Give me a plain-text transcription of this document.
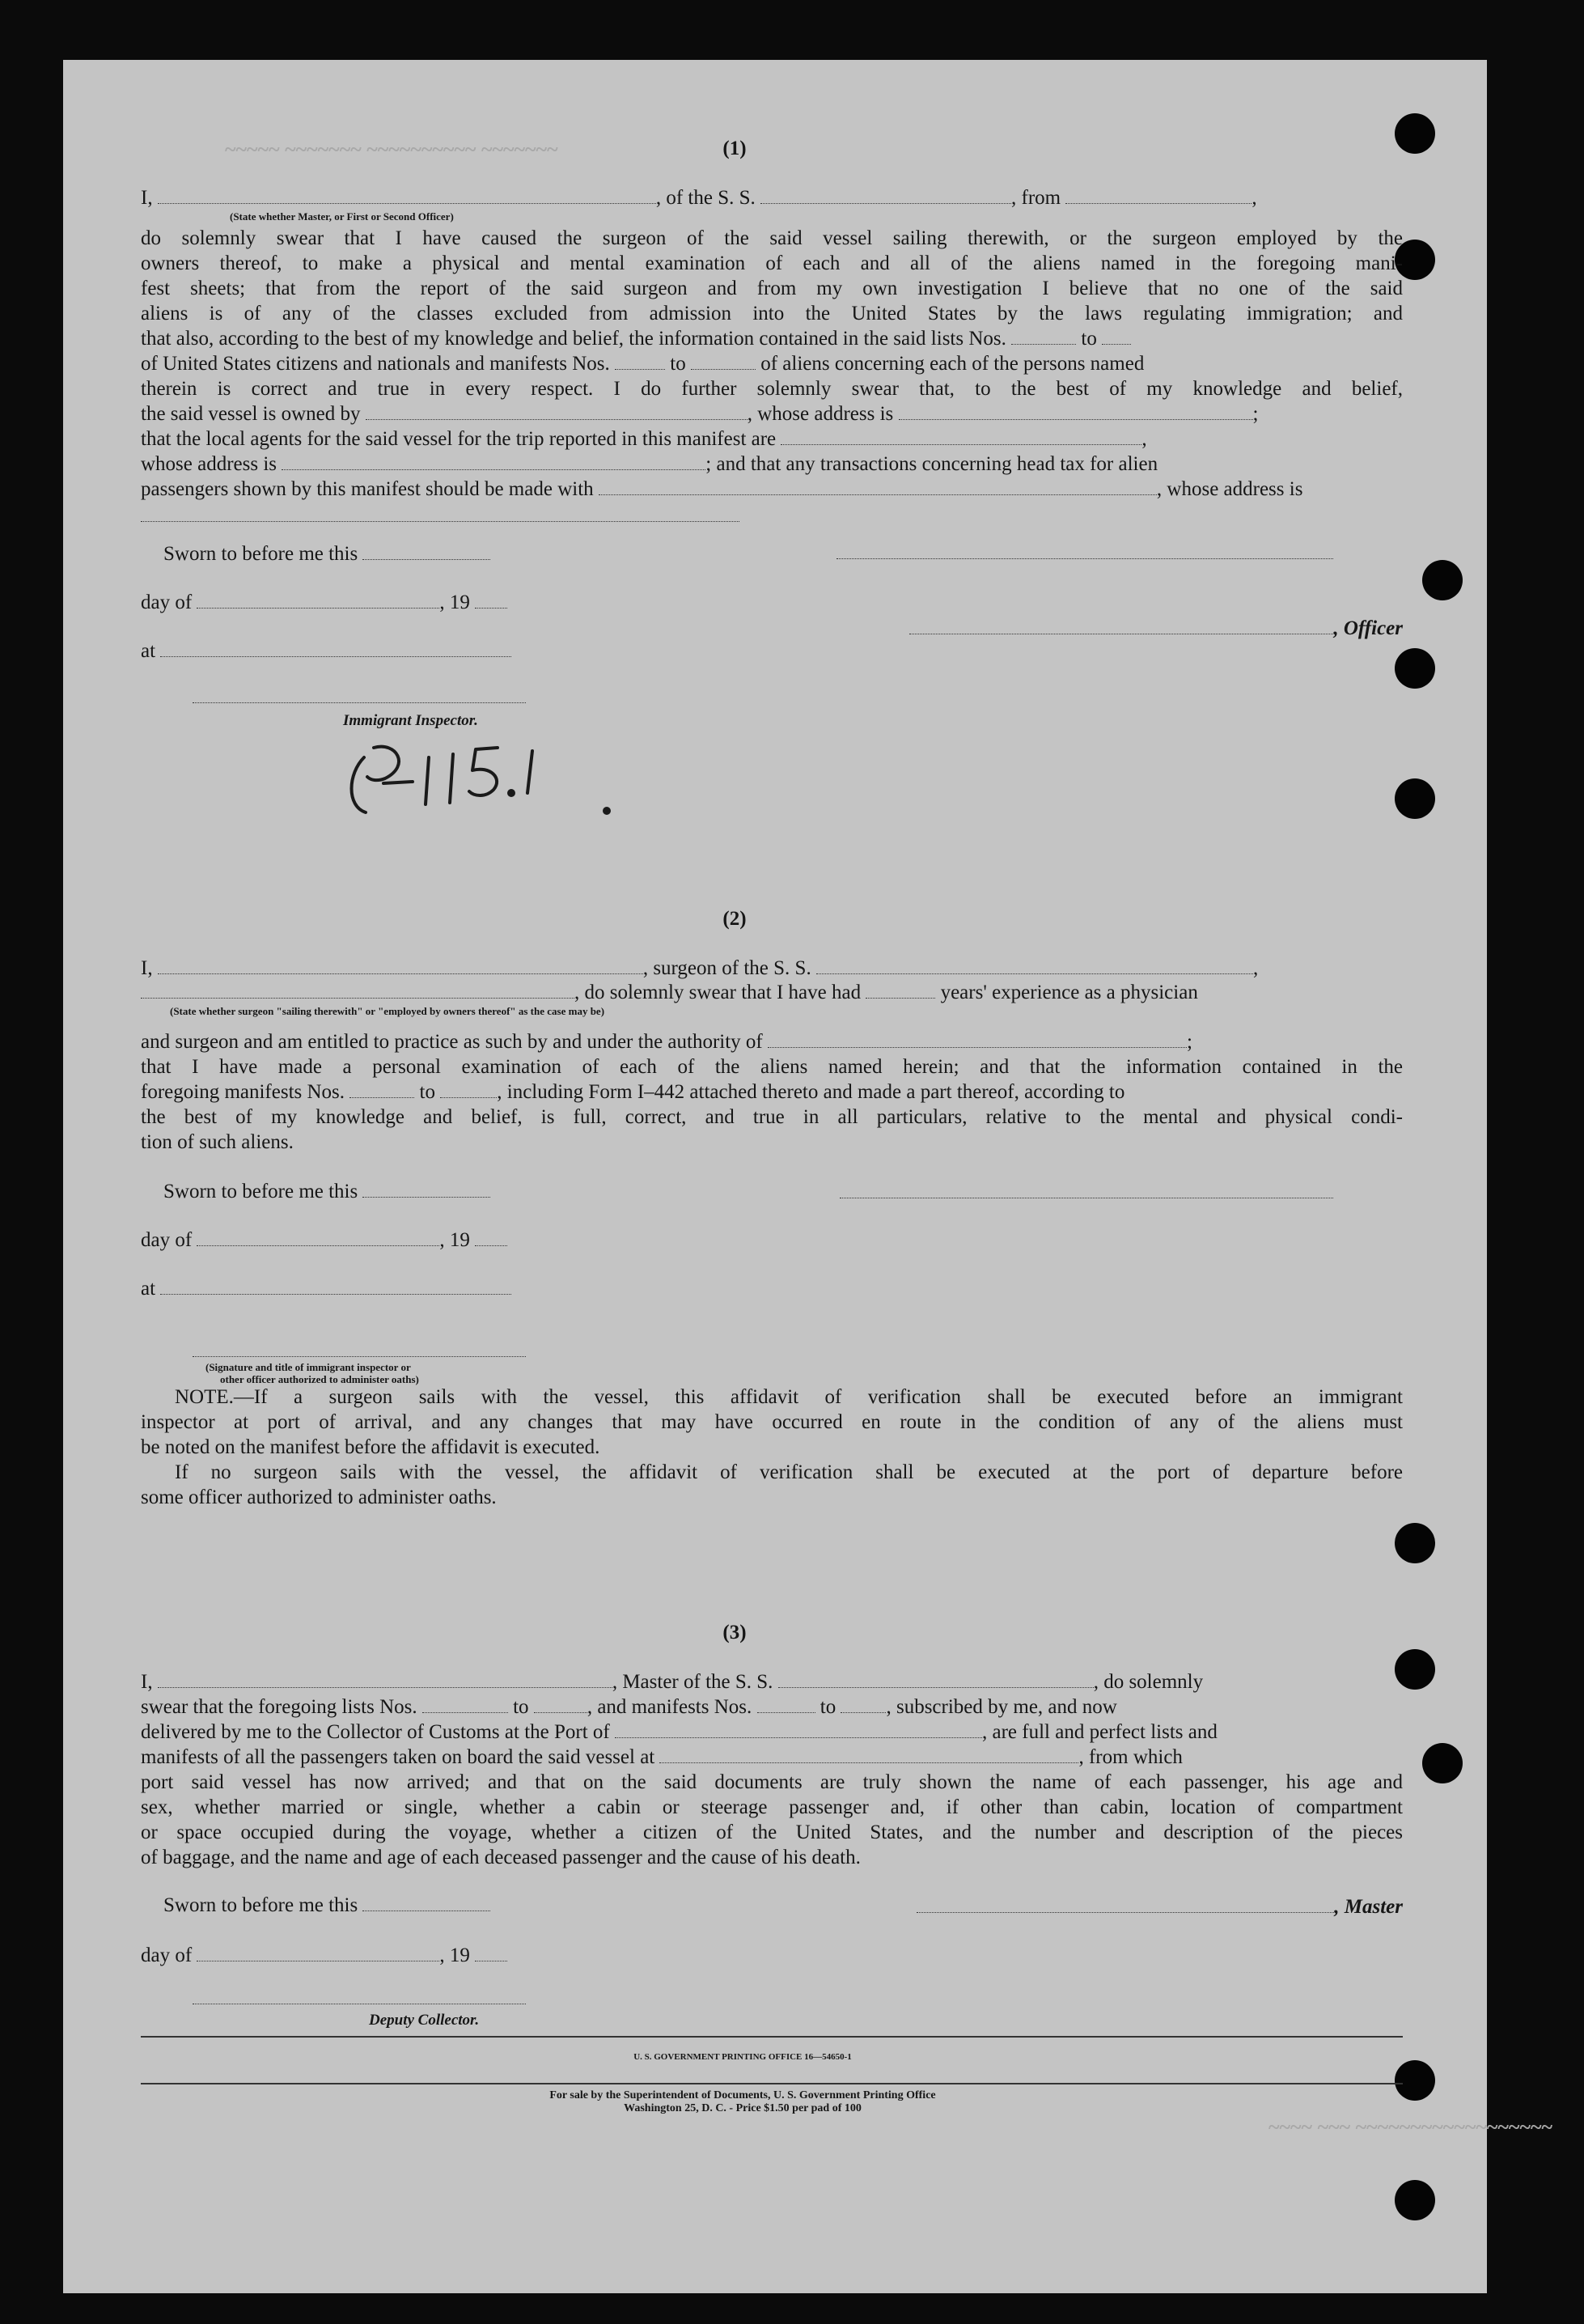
~~~~~ ~~~~~~~ ~~~~~~~~~~ ~~~~~~~
~~~~ ~~~ ~~~~~~~~~~~~~~~~~~
(1)
I,	, of the S. S.	, from	,
(State whether Master, or First or Second Officer)
do solemnly swear that I have caused the surgeon of the said vessel sailing therewith, or the surgeon employed by the
owners thereof, to make a physical and mental examination of each and all of the aliens named in the foregoing mani-
fest sheets; that from the report of the said surgeon and from my own investigation I believe that no one of the said
aliens is of any of the classes excluded from admission into the United States by the laws regulating immigration; and
that also, according to the best of my knowledge and belief, the information contained in the said lists Nos.	to
of United States citizens and nationals and manifests Nos.	to	of aliens concerning each of the persons named
therein is correct and true in every respect. I do further solemnly swear that, to the best of my knowledge and belief,
the said vessel is owned by	, whose address is	;
that the local agents for the said vessel for the trip reported in this manifest are	,
whose address is	; and that any transactions concerning head tax for alien
passengers shown by this manifest should be made with	, whose address is
Sworn to before me this
day of	, 19
, Officer
at
Immigrant Inspector.
P-115.1
(2)
I,	, surgeon of the S. S.	,
, do solemnly swear that I have had	years' experience as a physician
(State whether surgeon "sailing therewith" or "employed by owners thereof" as the case may be)
and surgeon and am entitled to practice as such by and under the authority of	;
that I have made a personal examination of each of the aliens named herein; and that the information contained in the
foregoing manifests Nos.	to	, including Form I–442 attached thereto and made a part thereof, according to
the best of my knowledge and belief, is full, correct, and true in all particulars, relative to the mental and physical condi-
tion of such aliens.
Sworn to before me this
day of	, 19
at
(Signature and title of immigrant inspector or
other officer authorized to administer oaths)
NOTE.—If a surgeon sails with the vessel, this affidavit of verification shall be executed before an immigrant
inspector at port of arrival, and any changes that may have occurred en route in the condition of any of the aliens must
be noted on the manifest before the affidavit is executed.
If no surgeon sails with the vessel, the affidavit of verification shall be executed at the port of departure before
some officer authorized to administer oaths.
(3)
I,	, Master of the S. S.	, do solemnly
swear that the foregoing lists Nos.	to	, and manifests Nos.	to , subscribed by me, and now
delivered by me to the Collector of Customs at the Port of	, are full and perfect lists and
manifests of all the passengers taken on board the said vessel at	, from which
port said vessel has now arrived; and that on the said documents are truly shown the name of each passenger, his age and
sex, whether married or single, whether a cabin or steerage passenger and, if other than cabin, location of compartment
or space occupied during the voyage, whether a citizen of the United States, and the number and description of the pieces
of baggage, and the name and age of each deceased passenger and the cause of his death.
Sworn to before me this	, Master
day of	, 19
Deputy Collector.
U. S. GOVERNMENT PRINTING OFFICE 16—54650-1
For sale by the Superintendent of Documents, U. S. Government Printing Office
Washington 25, D. C. - Price $1.50 per pad of 100
